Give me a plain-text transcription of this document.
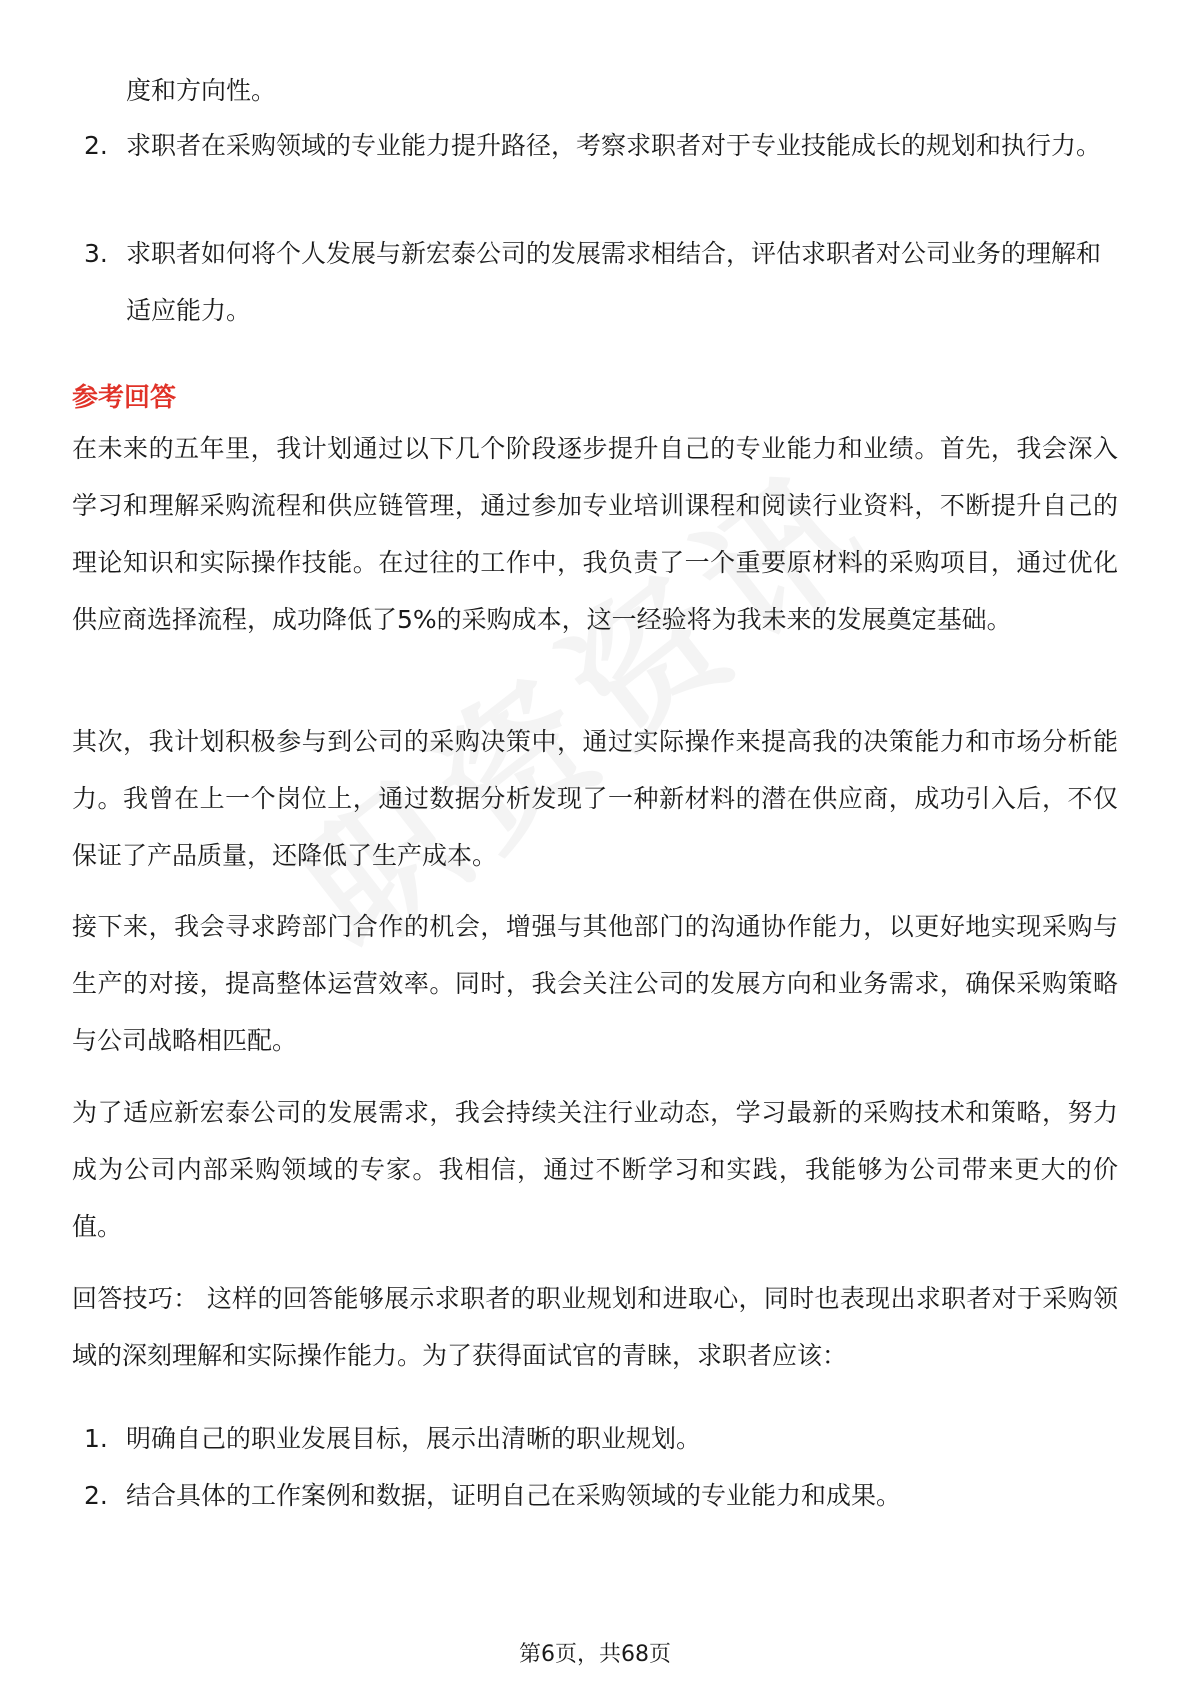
度和方向性。
2. 求职者在采购领域的专业能力提升路径，考察求职者对于专业技能成长的规划和执行力。
3. 求职者如何将个人发展与新宏泰公司的发展需求相结合，评估求职者对公司业务的理解和适应能力。
参考回答
在未来的五年里，我计划通过以下几个阶段逐步提升自己的专业能力和业绩。首先，我会深入学习和理解采购流程和供应链管理，通过参加专业培训课程和阅读行业资料，不断提升自己的理论知识和实际操作技能。在过往的工作中，我负责了一个重要原材料的采购项目，通过优化供应商选择流程，成功降低了5%的采购成本，这一经验将为我未来的发展奠定基础。
其次，我计划积极参与到公司的采购决策中，通过实际操作来提高我的决策能力和市场分析能力。我曾在上一个岗位上，通过数据分析发现了一种新材料的潜在供应商，成功引入后，不仅保证了产品质量，还降低了生产成本。
接下来，我会寻求跨部门合作的机会，增强与其他部门的沟通协作能力，以更好地实现采购与生产的对接，提高整体运营效率。同时，我会关注公司的发展方向和业务需求，确保采购策略与公司战略相匹配。
为了适应新宏泰公司的发展需求，我会持续关注行业动态，学习最新的采购技术和策略，努力成为公司内部采购领域的专家。我相信，通过不断学习和实践，我能够为公司带来更大的价值。
回答技巧： 这样的回答能够展示求职者的职业规划和进取心，同时也表现出求职者对于采购领域的深刻理解和实际操作能力。为了获得面试官的青睐，求职者应该：
1. 明确自己的职业发展目标，展示出清晰的职业规划。
2. 结合具体的工作案例和数据，证明自己在采购领域的专业能力和成果。
第6页，共68页
